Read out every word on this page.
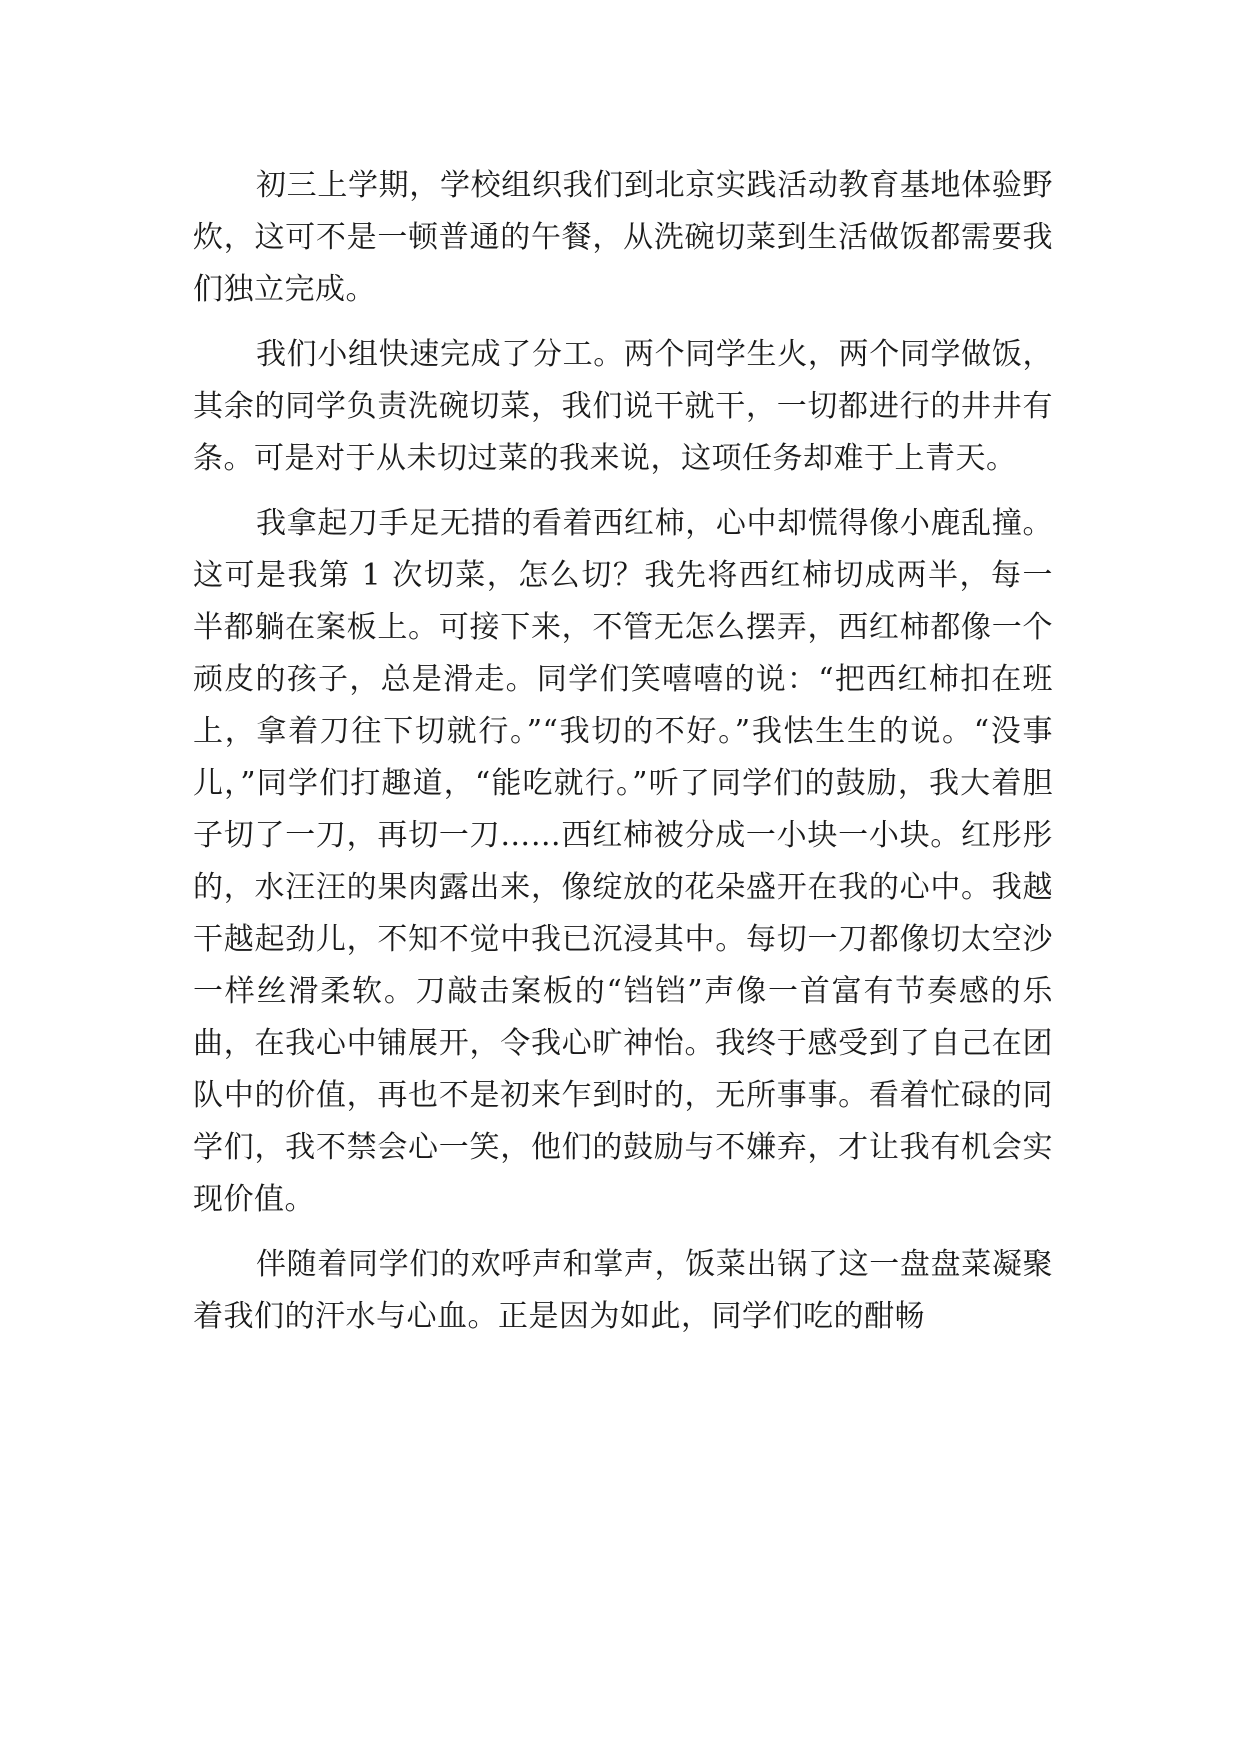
初三上学期，学校组织我们到北京实践活动教育基地体验野炊，这可不是一顿普通的午餐，从洗碗切菜到生活做饭都需要我们独立完成。

我们小组快速完成了分工。两个同学生火，两个同学做饭，其余的同学负责洗碗切菜，我们说干就干，一切都进行的井井有条。可是对于从未切过菜的我来说，这项任务却难于上青天。

我拿起刀手足无措的看着西红柿，心中却慌得像小鹿乱撞。这可是我第 1 次切菜，怎么切？我先将西红柿切成两半，每一半都躺在案板上。可接下来，不管无怎么摆弄，西红柿都像一个顽皮的孩子，总是滑走。同学们笑嘻嘻的说：“把西红柿扣在班上，拿着刀往下切就行。”“我切的不好。”我怯生生的说。“没事儿，”同学们打趣道，“能吃就行。”听了同学们的鼓励，我大着胆子切了一刀，再切一刀……西红柿被分成一小块一小块。红彤彤的，水汪汪的果肉露出来，像绽放的花朵盛开在我的心中。我越干越起劲儿，不知不觉中我已沉浸其中。每切一刀都像切太空沙一样丝滑柔软。刀敲击案板的“铛铛”声像一首富有节奏感的乐曲，在我心中铺展开，令我心旷神怡。我终于感受到了自己在团队中的价值，再也不是初来乍到时的，无所事事。看着忙碌的同学们，我不禁会心一笑，他们的鼓励与不嫌弃，才让我有机会实现价值。

伴随着同学们的欢呼声和掌声，饭菜出锅了这一盘盘菜凝聚着我们的汗水与心血。正是因为如此，同学们吃的酣畅
